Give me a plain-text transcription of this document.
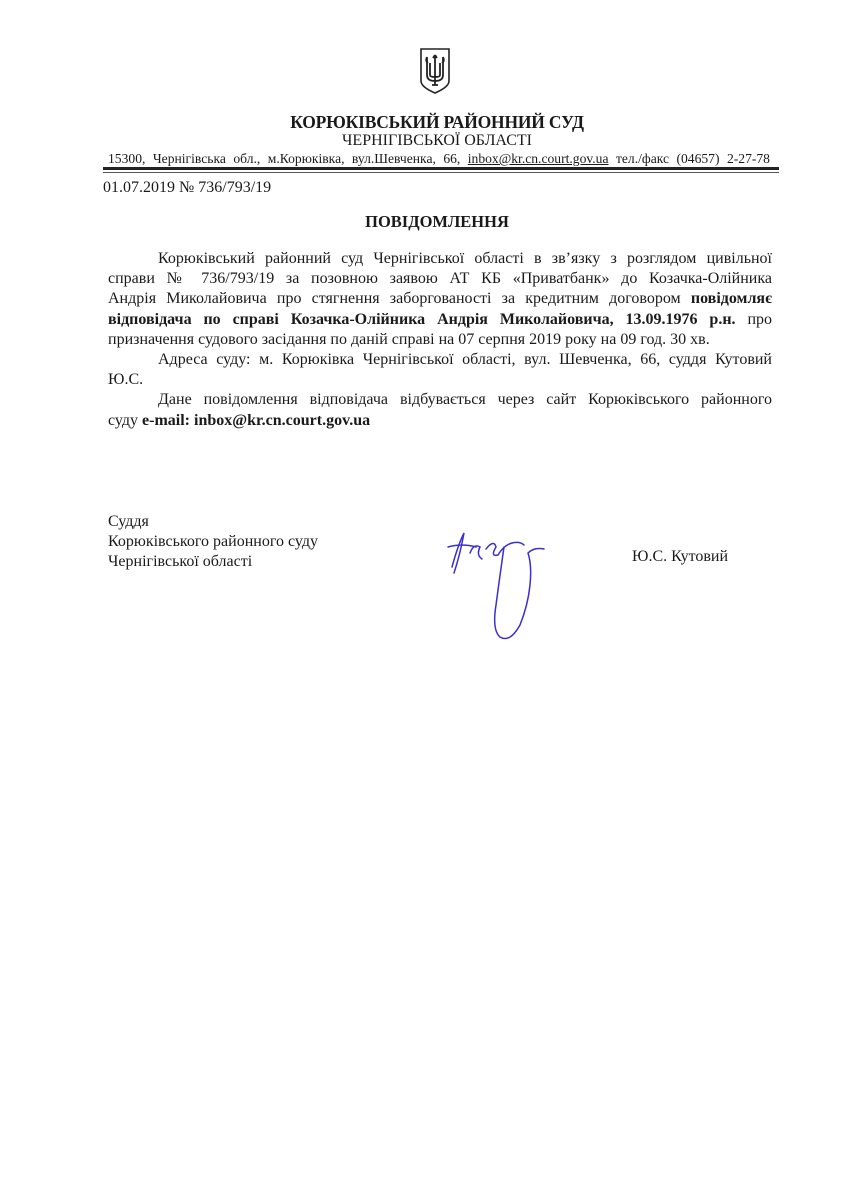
КОРЮКІВСЬКИЙ РАЙОННИЙ СУД
ЧЕРНІГІВСЬКОЇ ОБЛАСТІ
15300, Чернігівська обл., м.Корюківка, вул.Шевченка, 66, inbox@kr.cn.court.gov.ua тел./факс (04657) 2-27-78
01.07.2019 № 736/793/19
ПОВІДОМЛЕННЯ
Корюківський районний суд Чернігівської області в зв’язку з розглядом цивільної
справи № 736/793/19 за позовною заявою АТ КБ «Приватбанк» до Козачка-Олійника
Андрія Миколайовича про стягнення заборгованості за кредитним договором повідомляє
відповідача по справі Козачка-Олійника Андрія Миколайовича, 13.09.1976 р.н. про
призначення судового засідання по даній справі на 07 серпня 2019 року на 09 год. 30 хв.
Адреса суду: м. Корюківка Чернігівської області, вул. Шевченка, 66, суддя Кутовий
Ю.С.
Дане повідомлення відповідача відбувається через сайт Корюківського районного
суду e-mail: inbox@kr.cn.court.gov.ua
Суддя
Корюківського районного суду
Чернігівської області	Ю.С. Кутовий
